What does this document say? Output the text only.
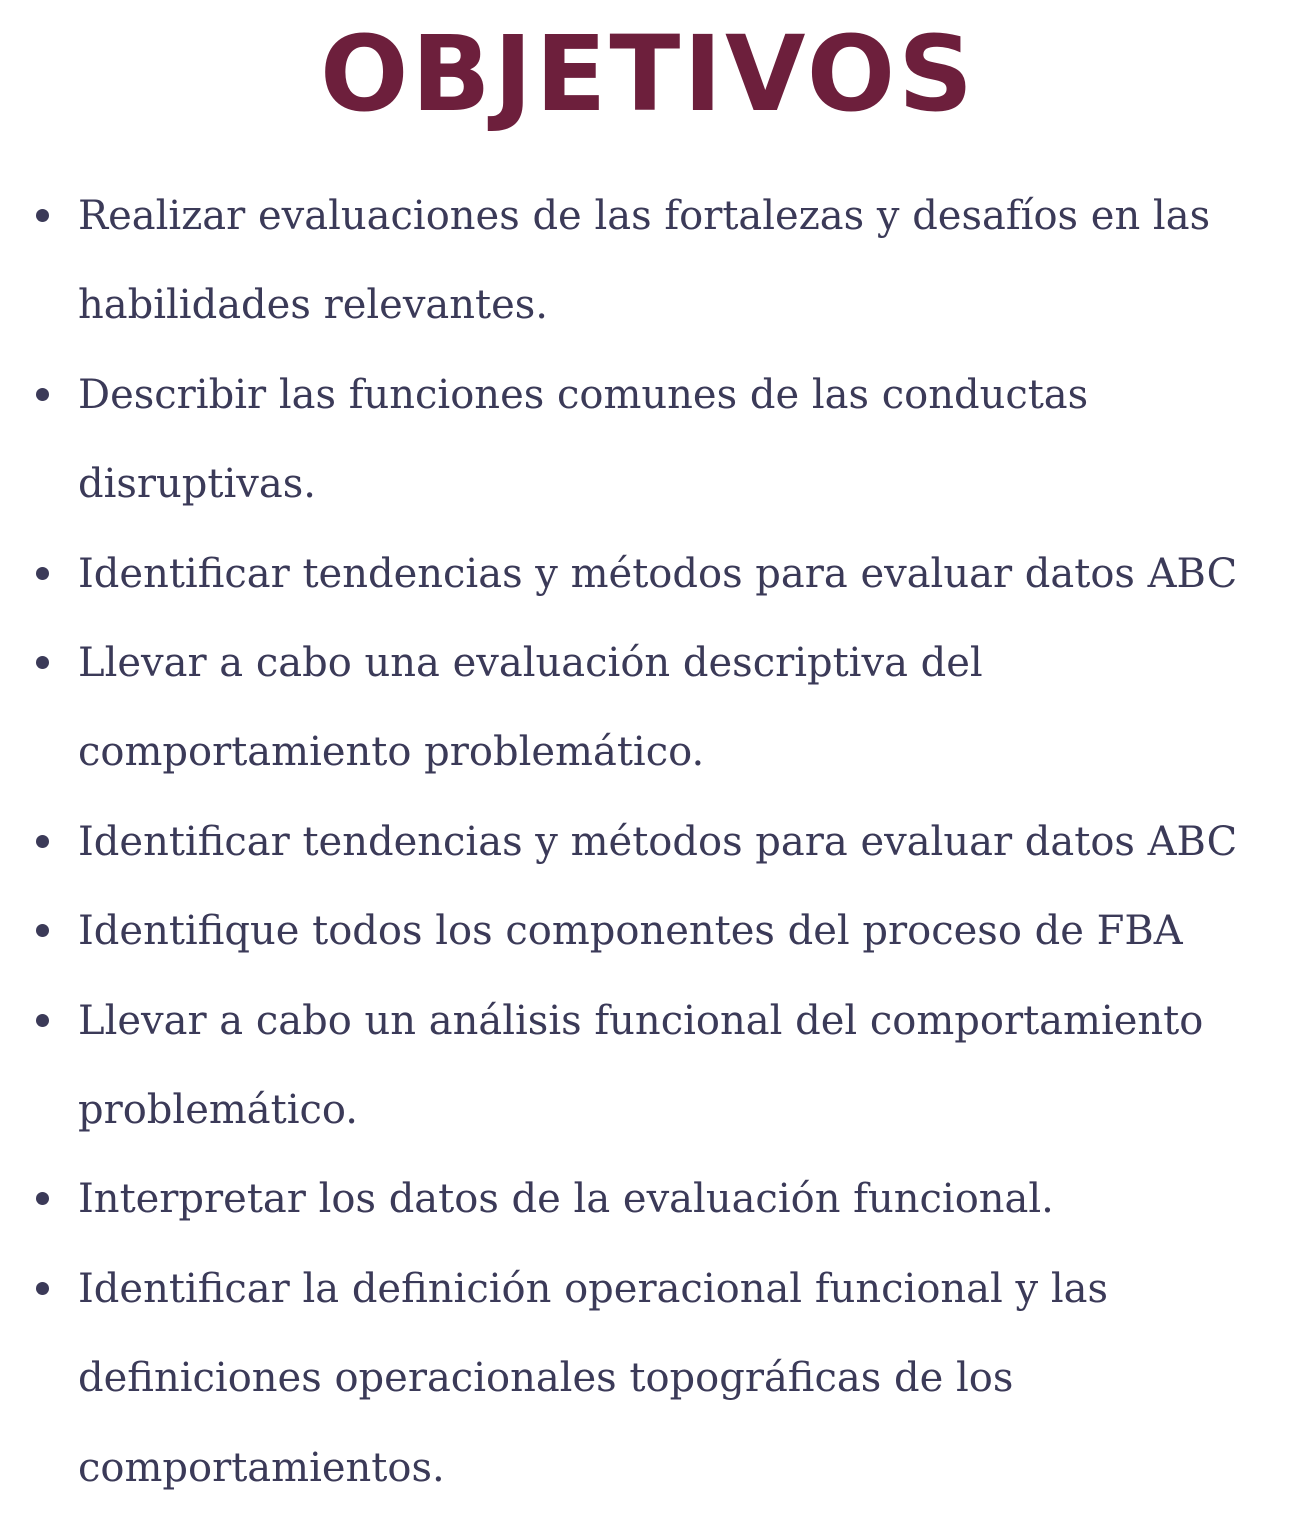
OBJETIVOS
Realizar evaluaciones de las fortalezas y desafíos en las
habilidades relevantes.
Describir las funciones comunes de las conductas
disruptivas.
Identificar tendencias y métodos para evaluar datos ABC
Llevar a cabo una evaluación descriptiva del
comportamiento problemático.
Identificar tendencias y métodos para evaluar datos ABC
Identifique todos los componentes del proceso de FBA
Llevar a cabo un análisis funcional del comportamiento
problemático.
Interpretar los datos de la evaluación funcional.
Identificar la definición operacional funcional y las
definiciones operacionales topográficas de los
comportamientos.
